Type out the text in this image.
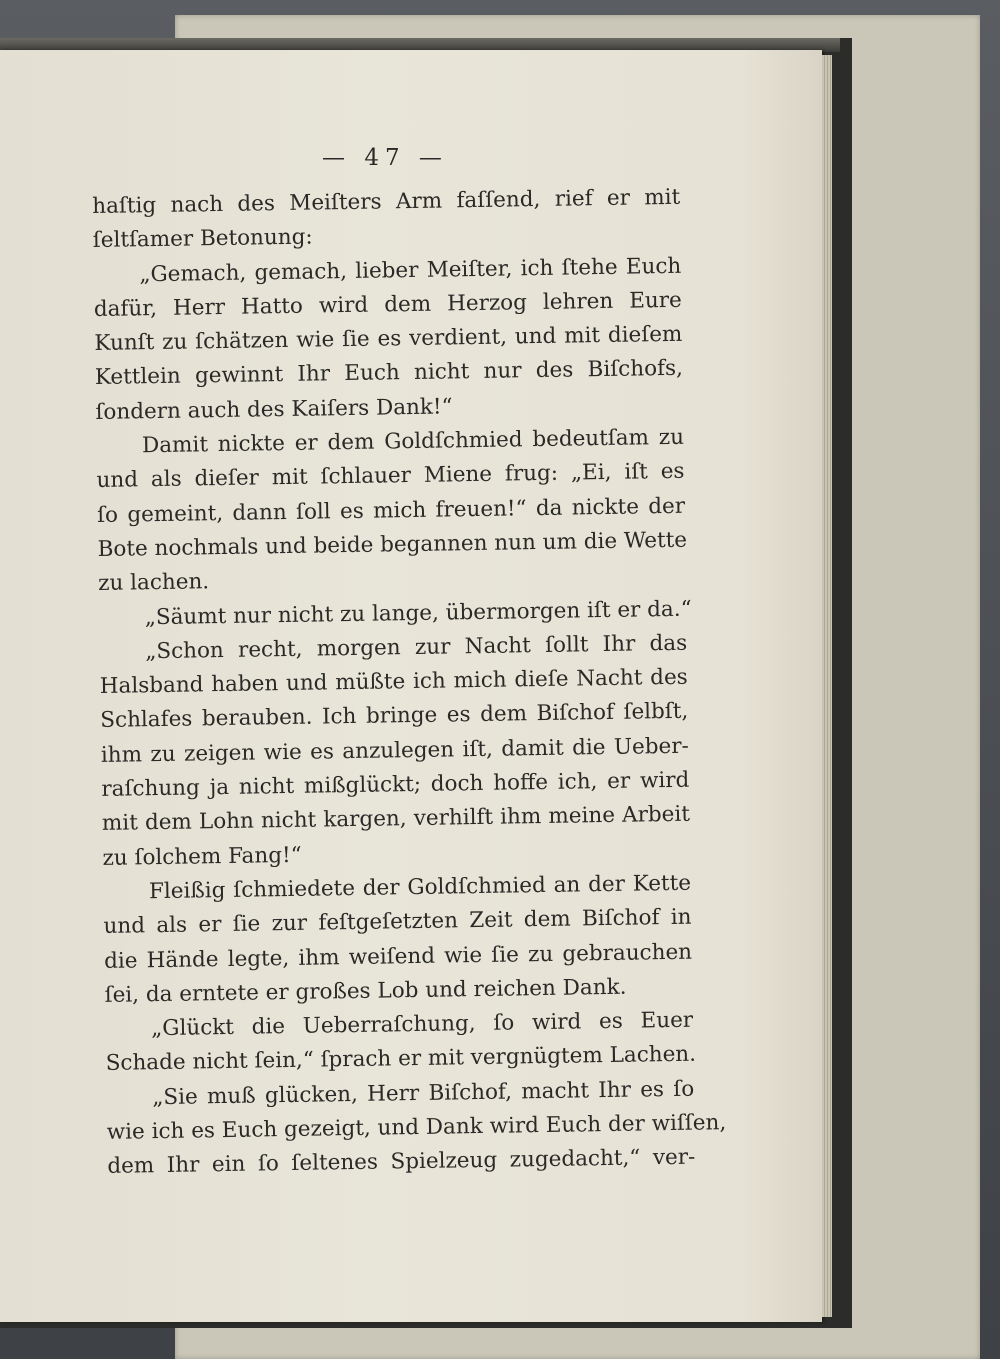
— 47 —
haſtig nach des Meiſters Arm faſſend, rief er mit
ſeltſamer Betonung:
„Gemach, gemach, lieber Meiſter, ich ſtehe Euch
dafür, Herr Hatto wird dem Herzog lehren Eure
Kunſt zu ſchätzen wie ſie es verdient, und mit dieſem
Kettlein gewinnt Ihr Euch nicht nur des Biſchofs,
ſondern auch des Kaiſers Dank!“
Damit nickte er dem Goldſchmied bedeutſam zu
und als dieſer mit ſchlauer Miene frug: „Ei, iſt es
ſo gemeint, dann ſoll es mich freuen!“ da nickte der
Bote nochmals und beide begannen nun um die Wette
zu lachen.
„Säumt nur nicht zu lange, übermorgen iſt er da.“
„Schon recht, morgen zur Nacht ſollt Ihr das
Halsband haben und müßte ich mich dieſe Nacht des
Schlafes berauben. Ich bringe es dem Biſchof ſelbſt,
ihm zu zeigen wie es anzulegen iſt, damit die Ueber-
raſchung ja nicht mißglückt; doch hoffe ich, er wird
mit dem Lohn nicht kargen, verhilft ihm meine Arbeit
zu ſolchem Fang!“
Fleißig ſchmiedete der Goldſchmied an der Kette
und als er ſie zur feſtgeſetzten Zeit dem Biſchof in
die Hände legte, ihm weiſend wie ſie zu gebrauchen
ſei, da erntete er großes Lob und reichen Dank.
„Glückt die Ueberraſchung, ſo wird es Euer
Schade nicht ſein,“ ſprach er mit vergnügtem Lachen.
„Sie muß glücken, Herr Biſchof, macht Ihr es ſo
wie ich es Euch gezeigt, und Dank wird Euch der wiſſen,
dem Ihr ein ſo ſeltenes Spielzeug zugedacht,“ ver-
